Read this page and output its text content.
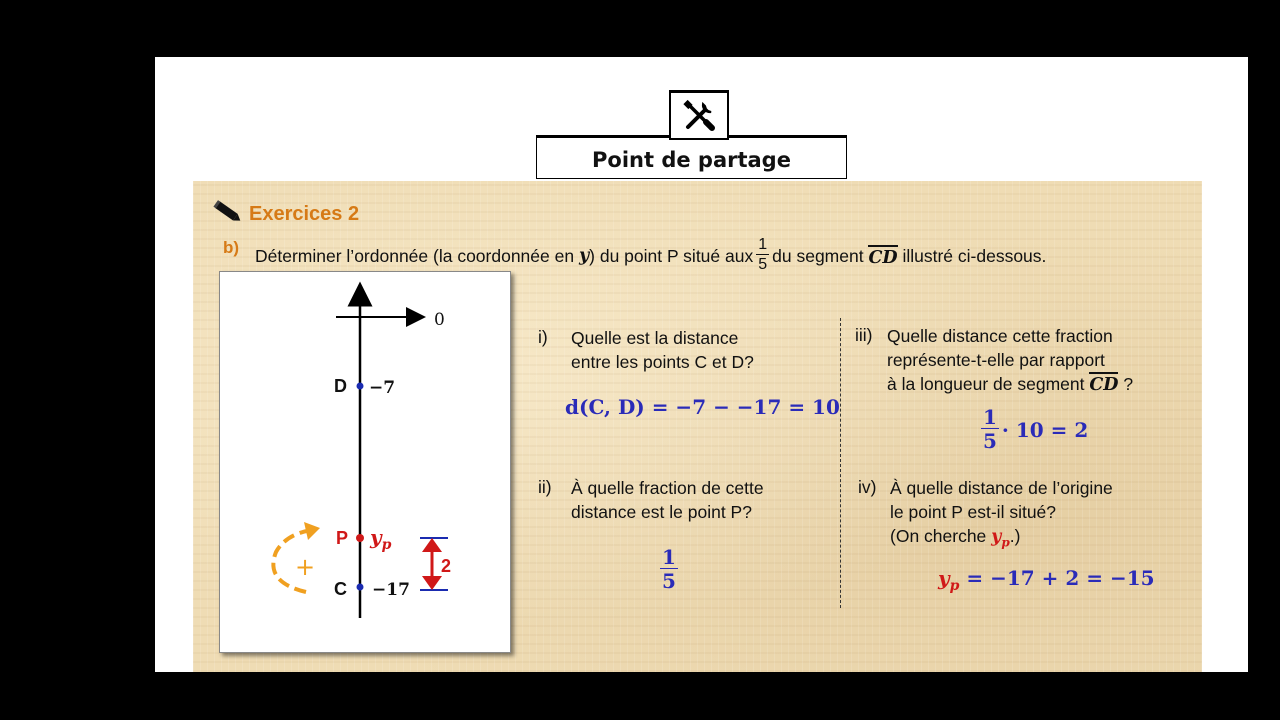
Point de partage
Exercices 2
b) Déterminer l’ordonnée (la coordonnée en
y ) du point P situé aux $\frac{1}{5}$ du segment
CD
illustré ci-dessous.
0
D −7
P $y_p$
C −17
2
+
i) Quelle est la distance
entre les points C et D?
d(C, D) = −7 − −17 = 10
ii) À quelle fraction de cette
distance est le point P?
$\frac{1}{5}$
iii) Quelle distance cette fraction
représente-t-elle par rapport
à la longueur de segment CD ?
$\frac{1}{5} \cdot 10 = 2$
iv) À quelle distance de l’origine
le point P est-il situé?
(On cherche $y_p$.)
$y_p = -17 + 2 = -15$
